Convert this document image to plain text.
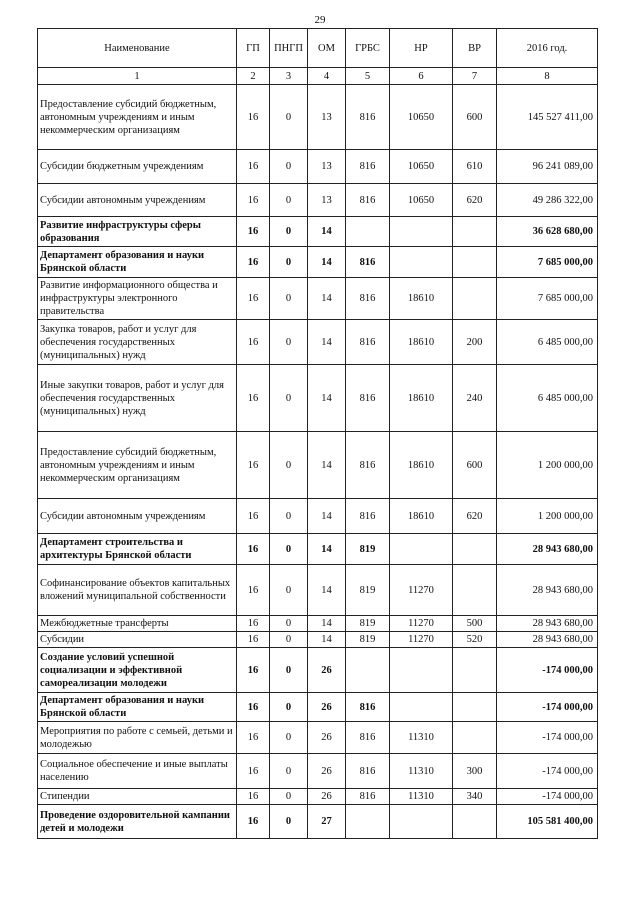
29
Наименование	ГП	ПНГП	ОМ	ГРБС	НР	ВР	2016 год.
1	2	3	4	5	6	7	8
Предоставление субсидий бюджетным, автономным учреждениям и иным некоммерческим организациям	16	0	13	816	10650	600	145 527 411,00
Субсидии бюджетным учреждениям	16	0	13	816	10650	610	96 241 089,00
Субсидии автономным учреждениям	16	0	13	816	10650	620	49 286 322,00
Развитие инфраструктуры сферы образования	16	0	14				36 628 680,00
Департамент образования и науки Брянской области	16	0	14	816			7 685 000,00
Развитие информационного общества и инфраструктуры электронного правительства	16	0	14	816	18610		7 685 000,00
Закупка товаров, работ и услуг для обеспечения государственных (муниципальных) нужд	16	0	14	816	18610	200	6 485 000,00
Иные закупки товаров, работ и услуг для обеспечения государственных (муниципальных) нужд	16	0	14	816	18610	240	6 485 000,00
Предоставление субсидий бюджетным, автономным учреждениям и иным некоммерческим организациям	16	0	14	816	18610	600	1 200 000,00
Субсидии автономным учреждениям	16	0	14	816	18610	620	1 200 000,00
Департамент строительства и архитектуры Брянской области	16	0	14	819			28 943 680,00
Софинансирование объектов капитальных вложений муниципальной собственности	16	0	14	819	11270		28 943 680,00
Межбюджетные трансферты	16	0	14	819	11270	500	28 943 680,00
Субсидии	16	0	14	819	11270	520	28 943 680,00
Создание условий успешной социализации и эффективной самореализации молодежи	16	0	26				-174 000,00
Департамент образования и науки Брянской области	16	0	26	816			-174 000,00
Мероприятия по работе с семьей, детьми и молодежью	16	0	26	816	11310		-174 000,00
Социальное обеспечение и иные выплаты населению	16	0	26	816	11310	300	-174 000,00
Стипендии	16	0	26	816	11310	340	-174 000,00
Проведение оздоровительной кампании детей и молодежи	16	0	27				105 581 400,00
